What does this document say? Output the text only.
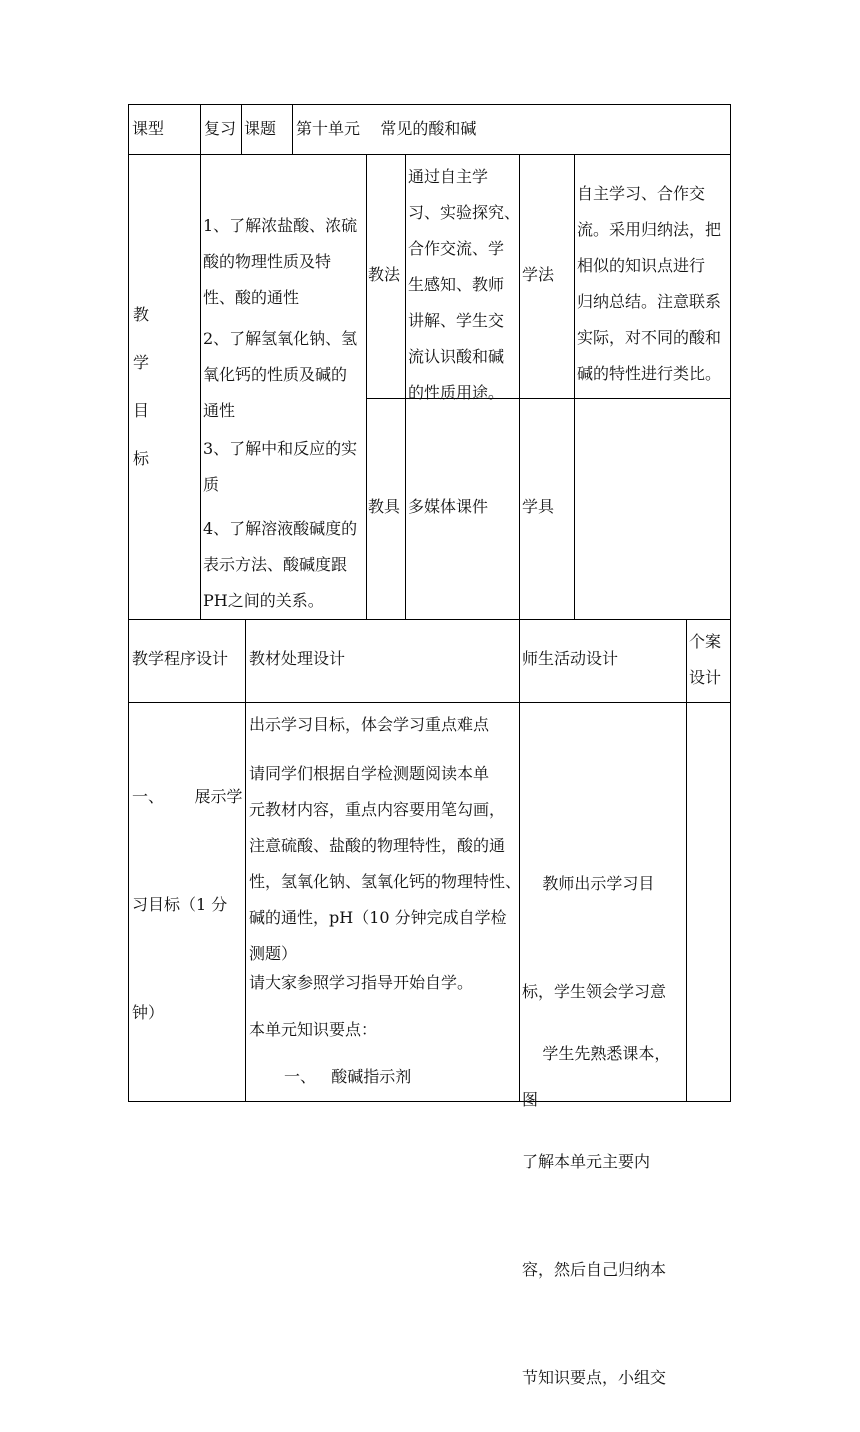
课型 复习 课题 第十单元    常见的酸和碱
教
学
目
标
1、了解浓盐酸、浓硫
酸的物理性质及特
性、酸的通性
2、了解氢氧化钠、氢
氧化钙的性质及碱的
通性
3、了解中和反应的实
质
4、了解溶液酸碱度的
表示方法、酸碱度跟
PH之间的关系。
教法
通过自主学
习、实验探究、
合作交流、学
生感知、教师
讲解、学生交
流认识酸和碱
的性质用途。
学法
自主学习、合作交
流。采用归纳法，把
相似的知识点进行
归纳总结。注意联系
实际，对不同的酸和
碱的特性进行类比。
教具 多媒体课件 学具
教学程序设计 教材处理设计	师生活动设计
个案
设计

一、      展示学

习目标（1 分

钟）

出示学习目标，体会学习重点难点
请同学们根据自学检测题阅读本单
元教材内容，重点内容要用笔勾画，
注意硫酸、盐酸的物理特性，酸的通
性，氢氧化钠、氢氧化钙的物理特性、
碱的通性，pH（10 分钟完成自学检
测题）
请大家参照学习指导开始自学。
本单元知识要点：
一、   酸碱指示剂

教师出示学习目

标，学生领会学习意

图

学生先熟悉课本，

了解本单元主要内

容，然后自己归纳本

节知识要点，小组交
